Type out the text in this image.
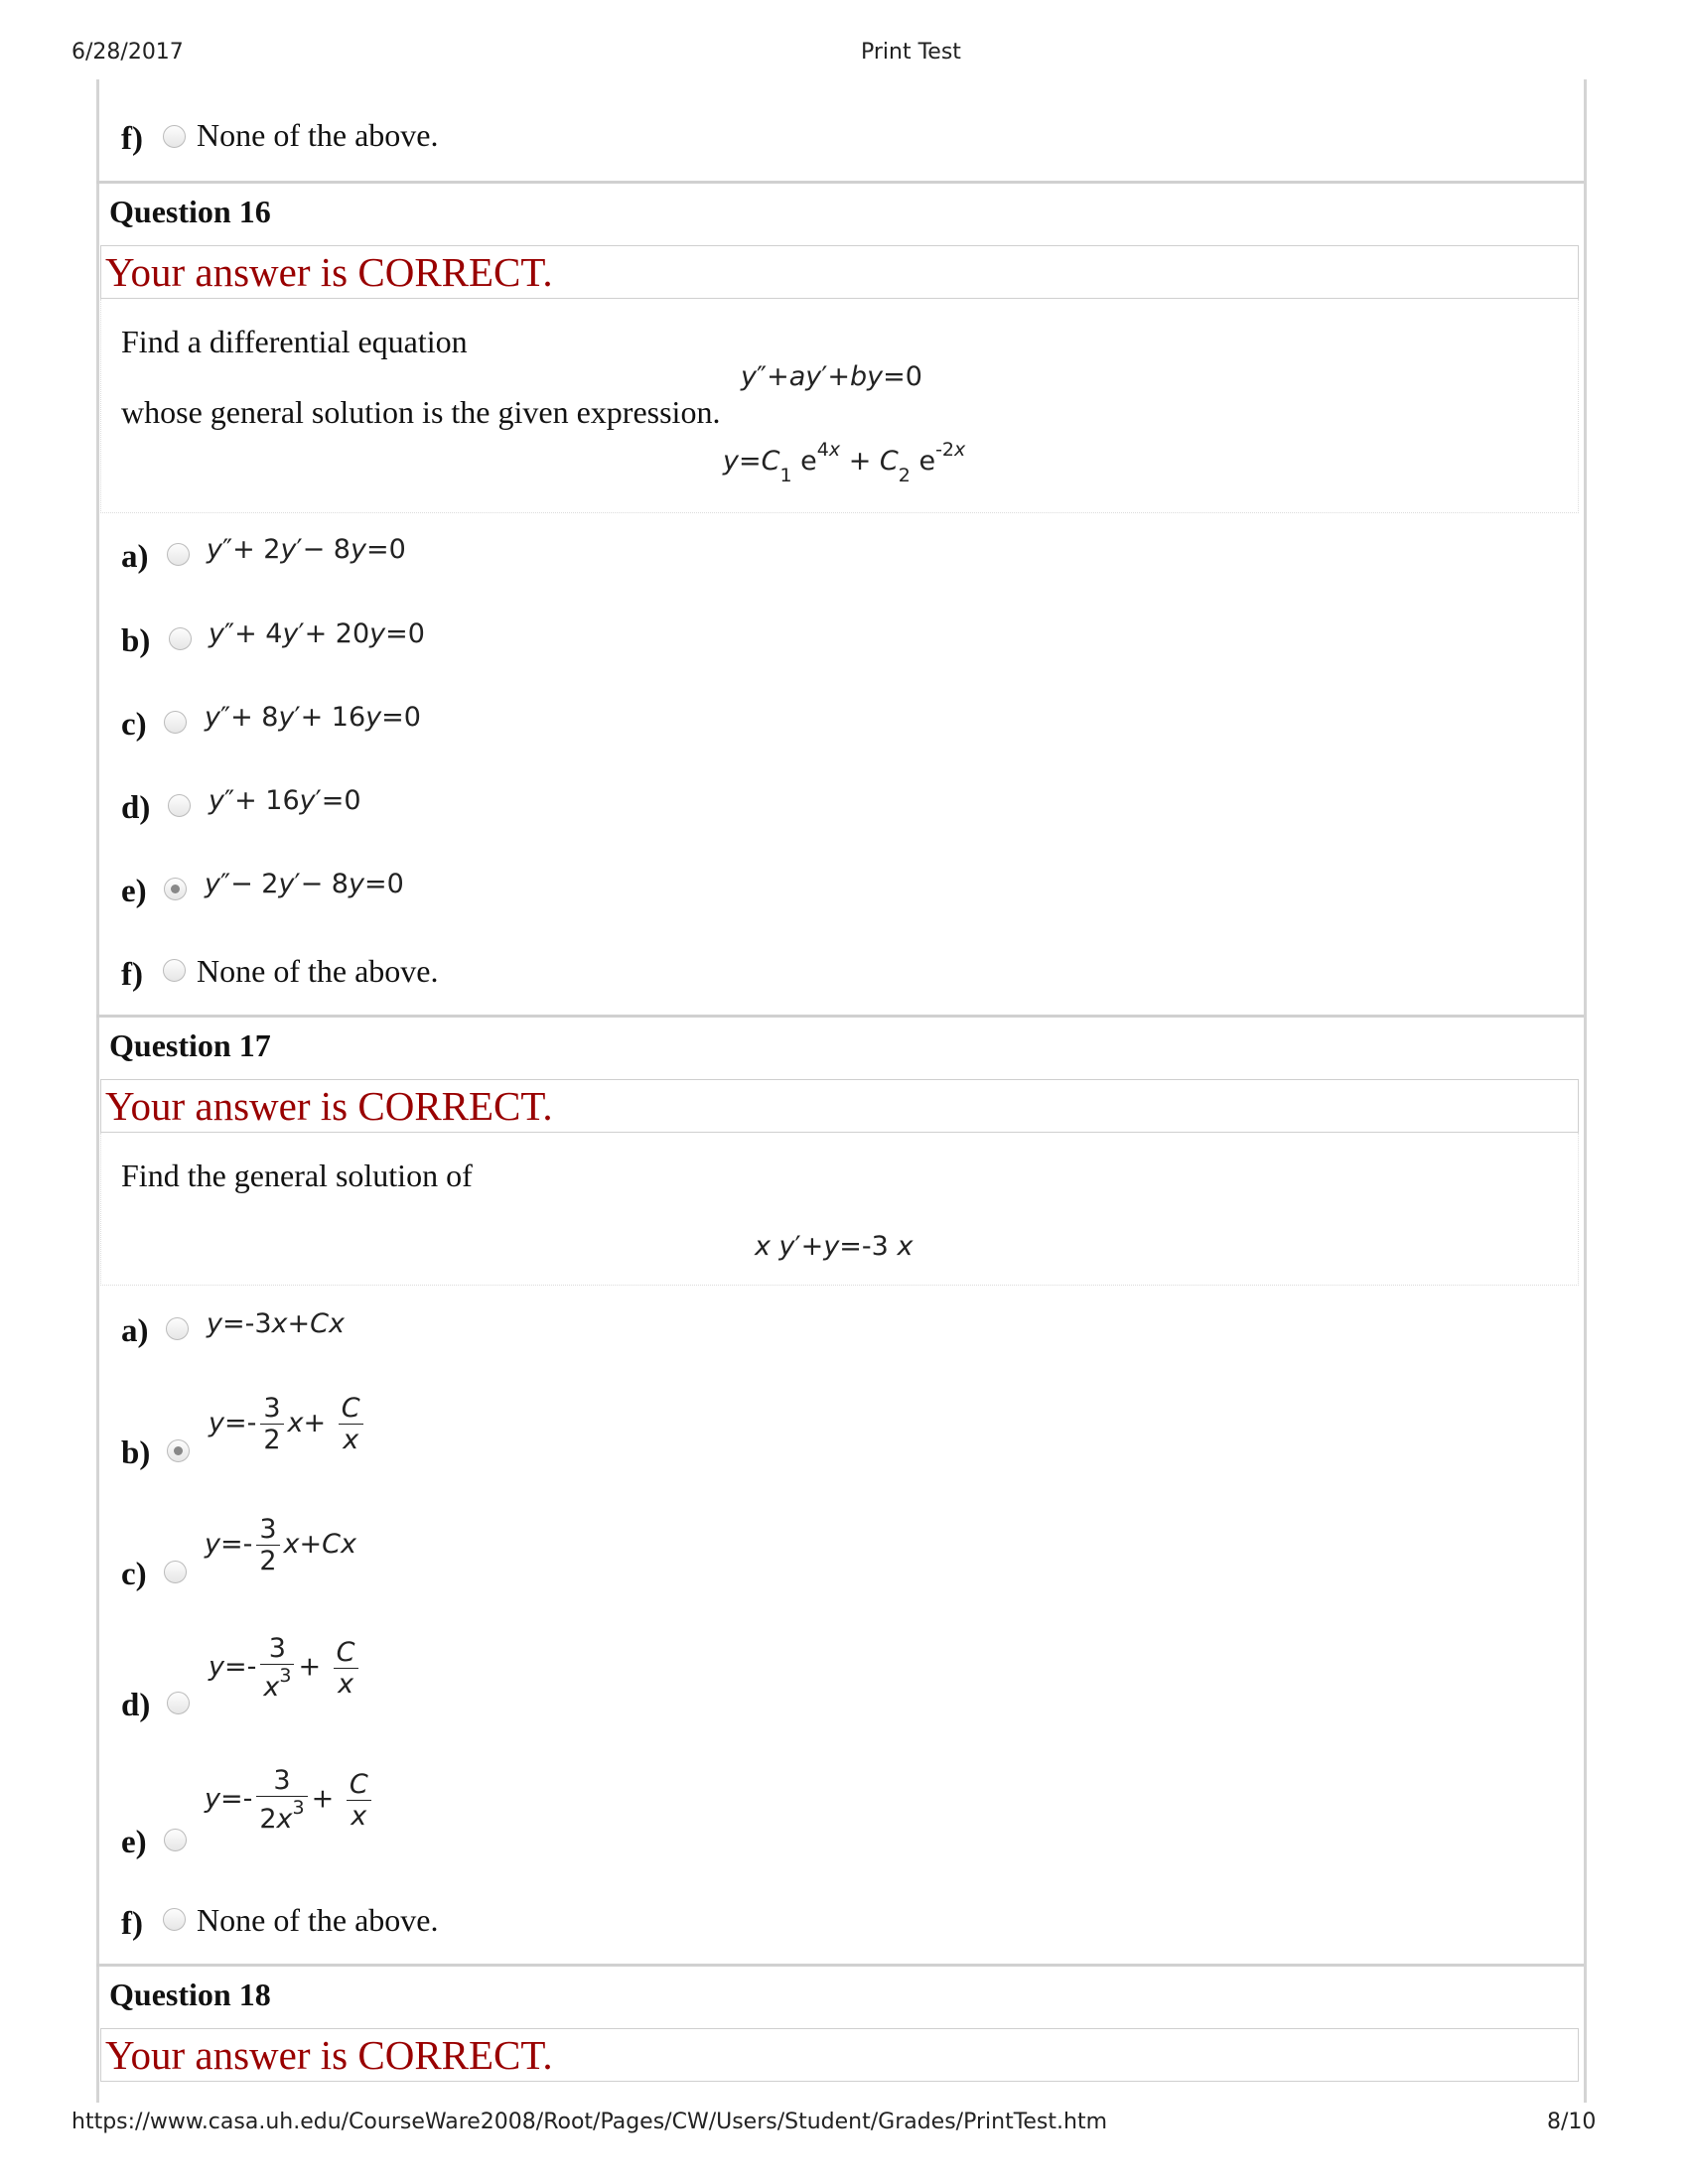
6/28/2017	Print Test
f) None of the above.
Question 16
Your answer is CORRECT.
Find a differential equation
y″+ay′+by=0
whose general solution is the given expression.
$y=C_1$ $e^{4x} + C_2$ $e^{-2x}$
a) y″+ 2y′− 8y=0
b) y″+ 4y′+ 20y=0
c) y″+ 8y′+ 16y=0
d) y″+ 16y′=0
e) y″− 2y′− 8y=0
f) None of the above.
Question 17
Your answer is CORRECT.
Find the general solution of
x y′+y=-3 x
a) y=-3x+Cx
b)
$y=- \frac{3}{2} x+ \frac{C}{x}$
c)
$y=- \frac{3}{2} x+Cx$
d)
$y=- \frac{3}{x^3} + \frac{C}{x}$
e)
$y=- \frac{3}{2x^3} + \frac{C}{x}$
f) None of the above.
Question 18
Your answer is CORRECT.
https://www.casa.uh.edu/CourseWare2008/Root/Pages/CW/Users/Student/Grades/PrintTest.htm	8/10
